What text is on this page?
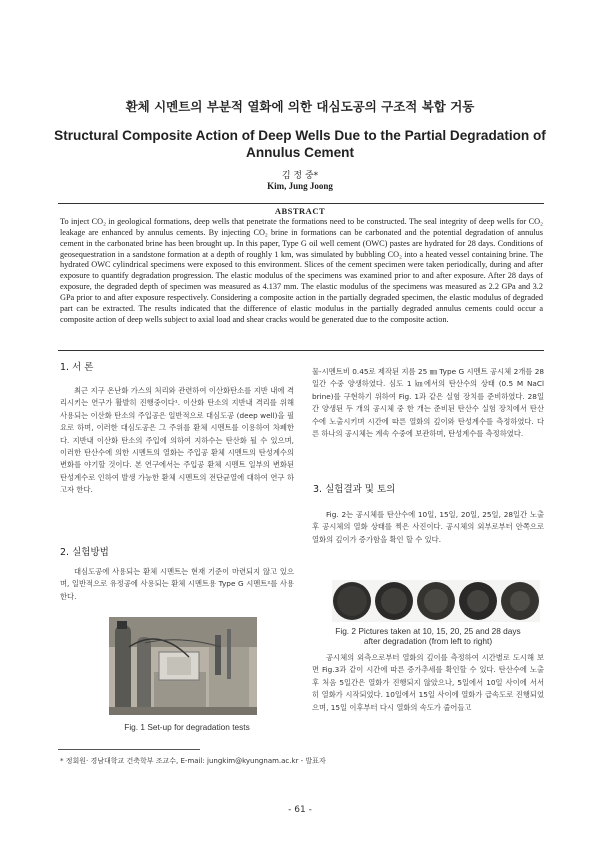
환체 시멘트의 부분적 열화에 의한 대심도공의 구조적 복합 거동
Structural Composite Action of Deep Wells Due to the Partial Degradation of Annulus Cement
김 정 중*
Kim, Jung Joong
ABSTRACT
To inject CO₂ in geological formations, deep wells that penetrate the formations need to be constructed. The seal integrity of deep wells for CO₂ leakage are enhanced by annulus cements. By injecting CO₂ brine in formations can be carbonated and the potential degradation of annulus cement in the carbonated brine has been brought up. In this paper, Type G oil well cement (OWC) pastes are hydrated for 28 days. Conditions of geosequestration in a sandstone formation at a depth of roughly 1 km, was simulated by bubbling CO₂ into a heated vessel containing brine. The hydrated OWC cylindrical specimens were exposed to this environment. Slices of the cement specimen were taken periodically, during and after exposure to quantify degradation progression. The elastic modulus of the specimens was examined prior to and after exposure. After 28 days of exposure, the degraded depth of specimen was measured as 4.137 mm. The elastic modulus of the specimens was measured as 2.2 GPa and 3.2 GPa prior to and after exposure respectively. Considering a composite action in the partially degraded specimen, the elastic modulus of degraded part can be extracted. The results indicated that the difference of elastic modulus in the partially degraded annulus cements could occur a composite action of deep wells subject to axial load and shear cracks would be generated due to the composite action.
1. 서 론
최근 지구 온난화 가스의 처리와 관련하여 이산화탄소를 지반 내에 격리시키는 연구가 활발히 진행중이다¹. 이산화 탄소의 지반내 격리를 위해 사용되는 이산화 탄소의 주입공은 일반적으로 대심도공 (deep well)을 필요로 하며, 이러한 대심도공은 그 주위를 환체 시멘트를 이용하여 차폐한다. 지반내 이산화 탄소의 주입에 의하여 지하수는 탄산화 될 수 있으며, 이러한 탄산수에 의한 시멘트의 열화는 주입공 환체 시멘트의 탄성계수의 변화를 야기할 것이다. 본 연구에서는 주입공 환체 시멘트 일부의 변화된 탄성계수로 인하여 발생 가능한 환체 시멘트의 전단균열에 대하여 연구 하고자 한다.
2. 실험방법
대심도공에 사용되는 환체 시멘트는 현재 기준이 마련되지 않고 있으며, 일반적으로 유정공에 사용되는 환체 시멘트용 Type G 시멘트²를 사용한다.
Fig. 1 Set-up for degradation tests
물-시멘트비 0.45로 제작된 지름 25 ㎜ Type G 시멘트 공시체 2개를 28일간 수중 양생하였다. 심도 1 ㎞에서의 탄산수의 상태 (0.5 M NaCl brine)를 구현하기 위하여 Fig. 1과 같은 실험 장치를 준비하였다. 28일간 양생된 두 개의 공시체 중 한 개는 준비된 탄산수 실험 장치에서 탄산수에 노출시키며 시간에 따른 열화의 깊이와 탄성계수를 측정하였다. 다른 하나의 공시체는 계속 수중에 보관하며, 탄성계수를 측정하였다.
3. 실험결과 및 토의
Fig. 2는 공시체를 탄산수에 10일, 15일, 20일, 25일, 28일간 노출 후 공시체의 열화 상태를 찍은 사진이다. 공시체의 외부로부터 안쪽으로 열화의 깊이가 증가함을 확인 할 수 있다.
Fig. 2 Pictures taken at 10, 15, 20, 25 and 28 days
after degradation (from left to right)
공시체의 외측으로부터 열화의 깊이를 측정하여 시간별로 도시해 보면 Fig.3과 같이 시간에 따른 증가추세를 확인할 수 있다. 탄산수에 노출 후 처음 5일간은 열화가 진행되지 않았으나, 5일에서 10일 사이에 서서히 열화가 시작되었다. 10일에서 15일 사이에 열화가 급속도로 진행되었으며, 15일 이후부터 다시 열화의 속도가 줄어들고
* 정회원· 경남대학교 건축학부 조교수, E-mail: jungkim@kyungnam.ac.kr - 발표자
- 61 -
